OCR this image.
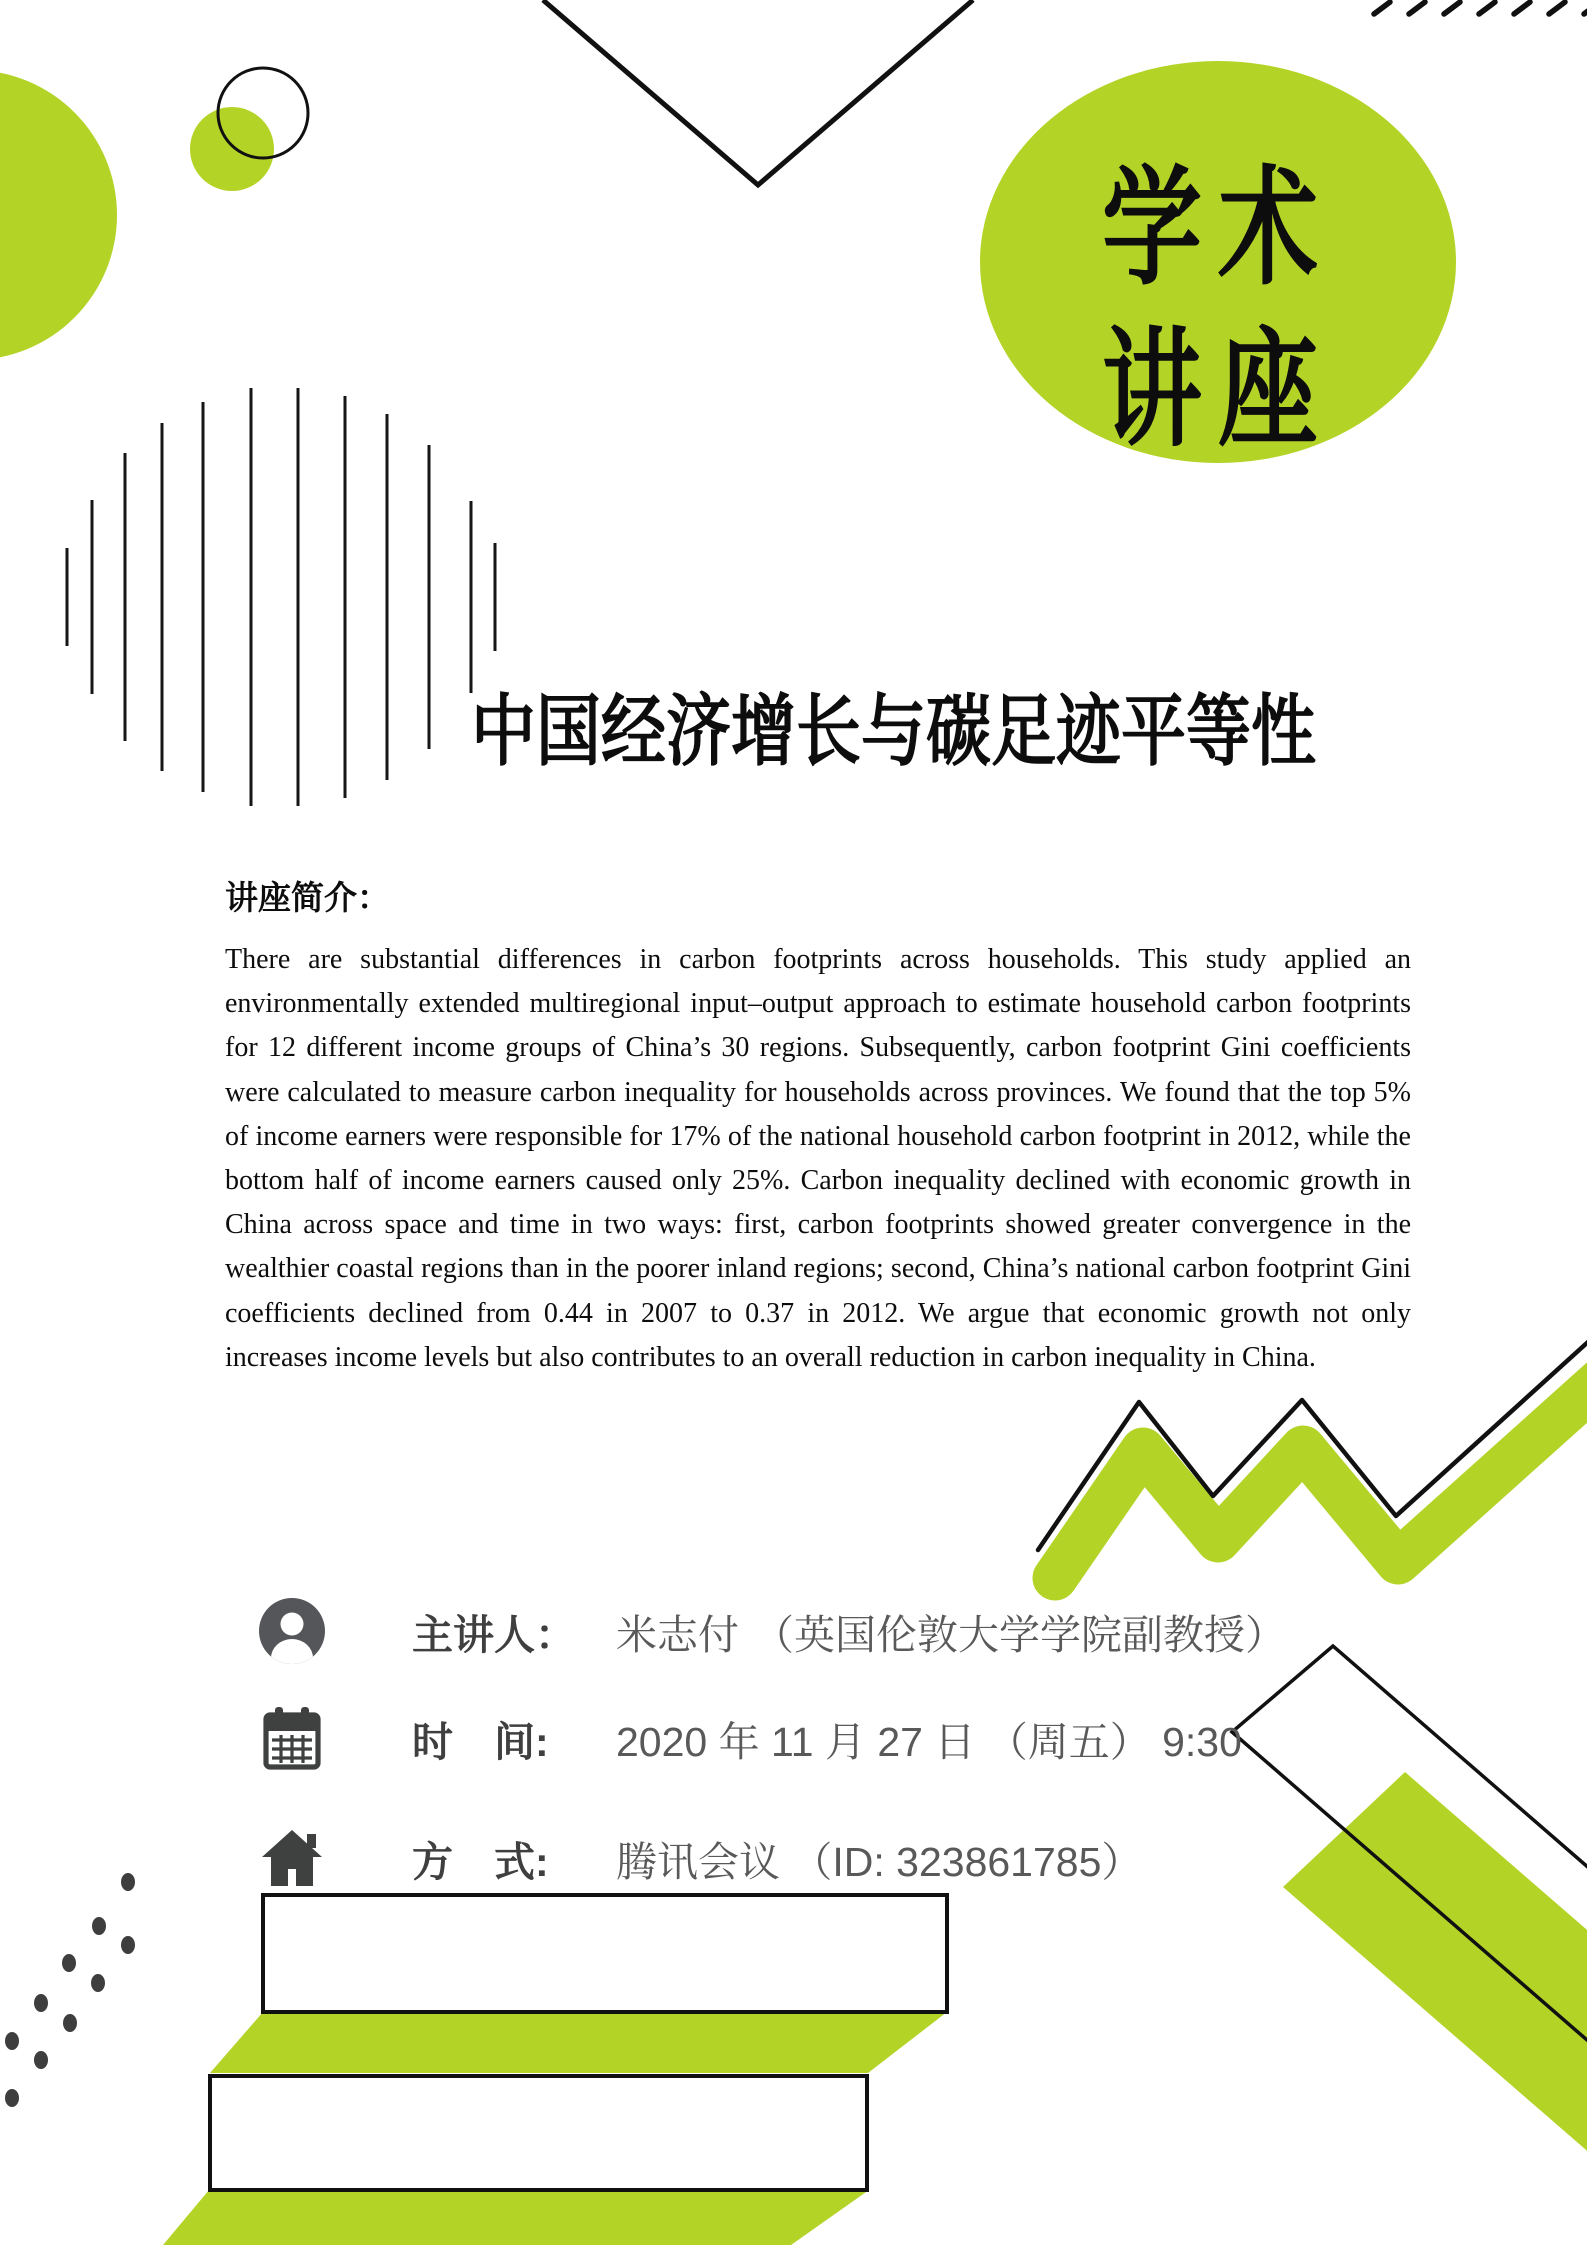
学术
讲座
中国经济增长与碳足迹平等性
讲座简介：

There are substantial differences in carbon footprints across households. This study applied an environmentally extended multiregional input–output approach to estimate household carbon footprints for 12 different income groups of China’s 30 regions. Subsequently, carbon footprint Gini coefficients were calculated to measure carbon inequality for households across provinces. We found that the top 5% of income earners were responsible for 17% of the national household carbon footprint in 2012, while the bottom half of income earners caused only 25%. Carbon inequality declined with economic growth in China across space and time in two ways: first, carbon footprints showed greater convergence in the wealthier coastal regions than in the poorer inland regions; second, China’s national carbon footprint Gini coefficients declined from 0.44 in 2007 to 0.37 in 2012. We argue that economic growth not only increases income levels but also contributes to an overall reduction in carbon inequality in China.

主讲人： 米志付 （英国伦敦大学学院副教授）
时　间:	2020 年 11 月 27 日 （周五） 9:30
方　式:	腾讯会议 （ID: 323861785）
